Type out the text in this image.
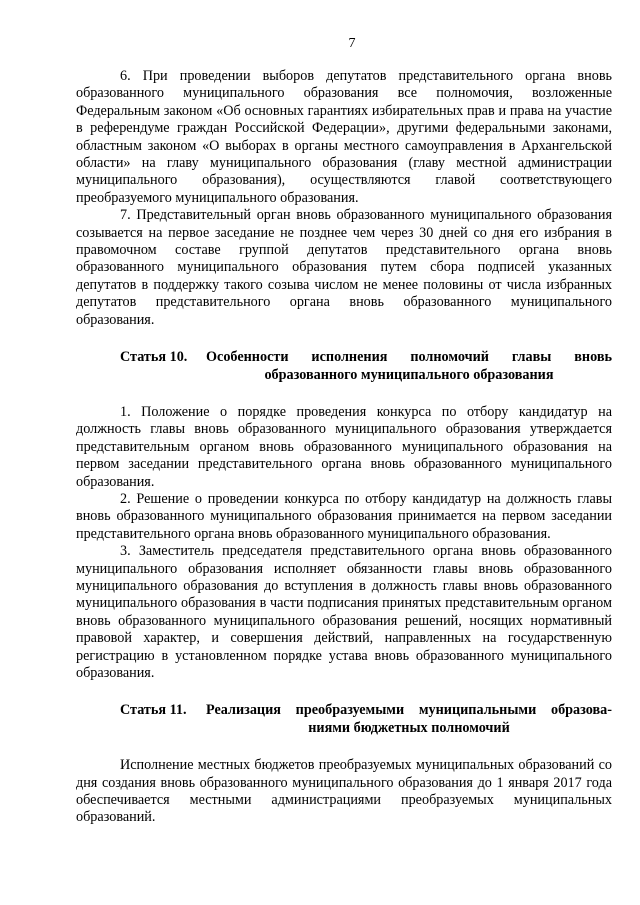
7

6. При проведении выборов депутатов представительного органа вновь образованного муниципального образования все полномочия, возложенные Федеральным законом «Об основных гарантиях избирательных прав и права на участие в референдуме граждан Российской Федерации», другими федеральными законами, областным законом «О выборах в органы местного самоуправления в Архангельской области» на главу муниципального образования (главу местной администрации муниципального образования), осуществляются главой соответствующего преобразуемого муниципального образования.

7. Представительный орган вновь образованного муниципального образования созывается на первое заседание не позднее чем через 30 дней со дня его избрания в правомочном составе группой депутатов представительного органа вновь образованного муниципального образования путем сбора подписей указанных депутатов в поддержку такого созыва числом не менее половины от числа избранных депутатов представительного органа вновь образованного муниципального образования.

Статья 10.	Особенности исполнения полномочий главы вновь образованного муниципального образования

1. Положение о порядке проведения конкурса по отбору кандидатур на должность главы вновь образованного муниципального образования утверждается представительным органом вновь образованного муниципального образования на первом заседании представительного органа вновь образованного муниципального образования.

2. Решение о проведении конкурса по отбору кандидатур на должность главы вновь образованного муниципального образования принимается на первом заседании представительного органа вновь образованного муниципального образования.

3. Заместитель председателя представительного органа вновь образованного муниципального образования исполняет обязанности главы вновь образованного муниципального образования до вступления в должность главы вновь образованного муниципального образования в части подписания принятых представительным органом вновь образованного муниципального образования решений, носящих нормативный правовой характер, и совершения действий, направленных на государственную регистрацию в установленном порядке устава вновь образованного муниципального образования.

Статья 11.	Реализация преобразуемыми муниципальными образова-ниями бюджетных полномочий

Исполнение местных бюджетов преобразуемых муниципальных образований со дня создания вновь образованного муниципального образования до 1 января 2017 года обеспечивается местными администрациями преобразуемых муниципальных образований.
